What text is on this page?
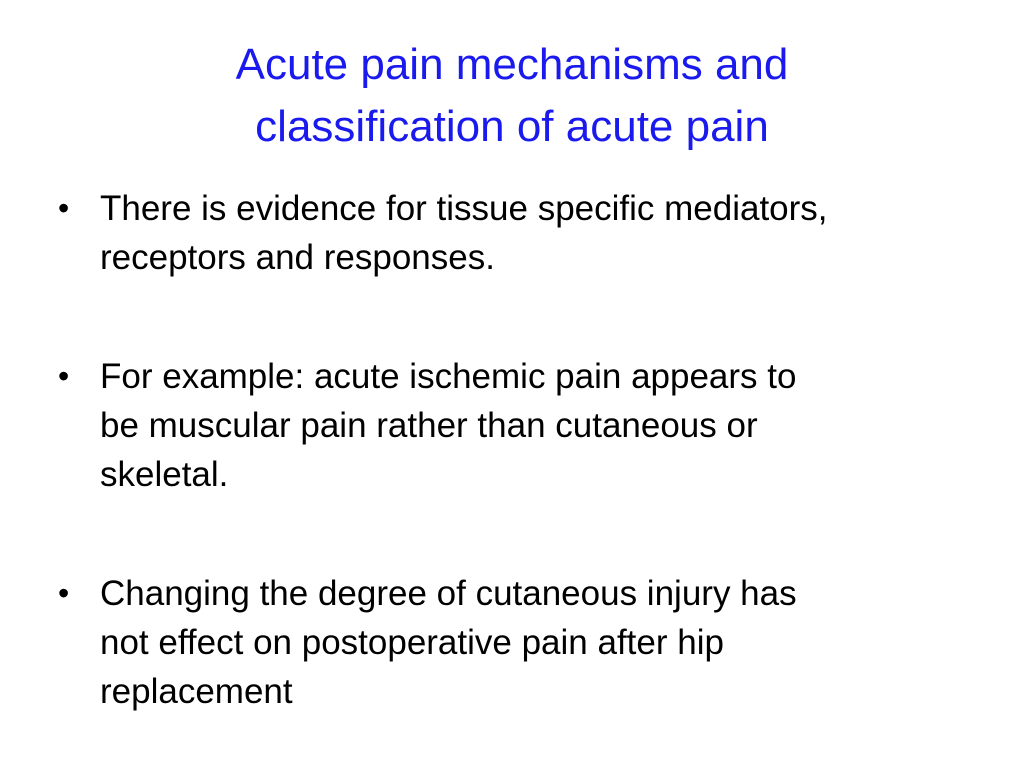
Acute pain mechanisms and
classification of acute pain
• There is evidence for tissue specific mediators,
receptors and responses.
• For example: acute ischemic pain appears to
be muscular pain rather than cutaneous or
skeletal.
• Changing the degree of cutaneous injury has
not effect on postoperative pain after hip
replacement
